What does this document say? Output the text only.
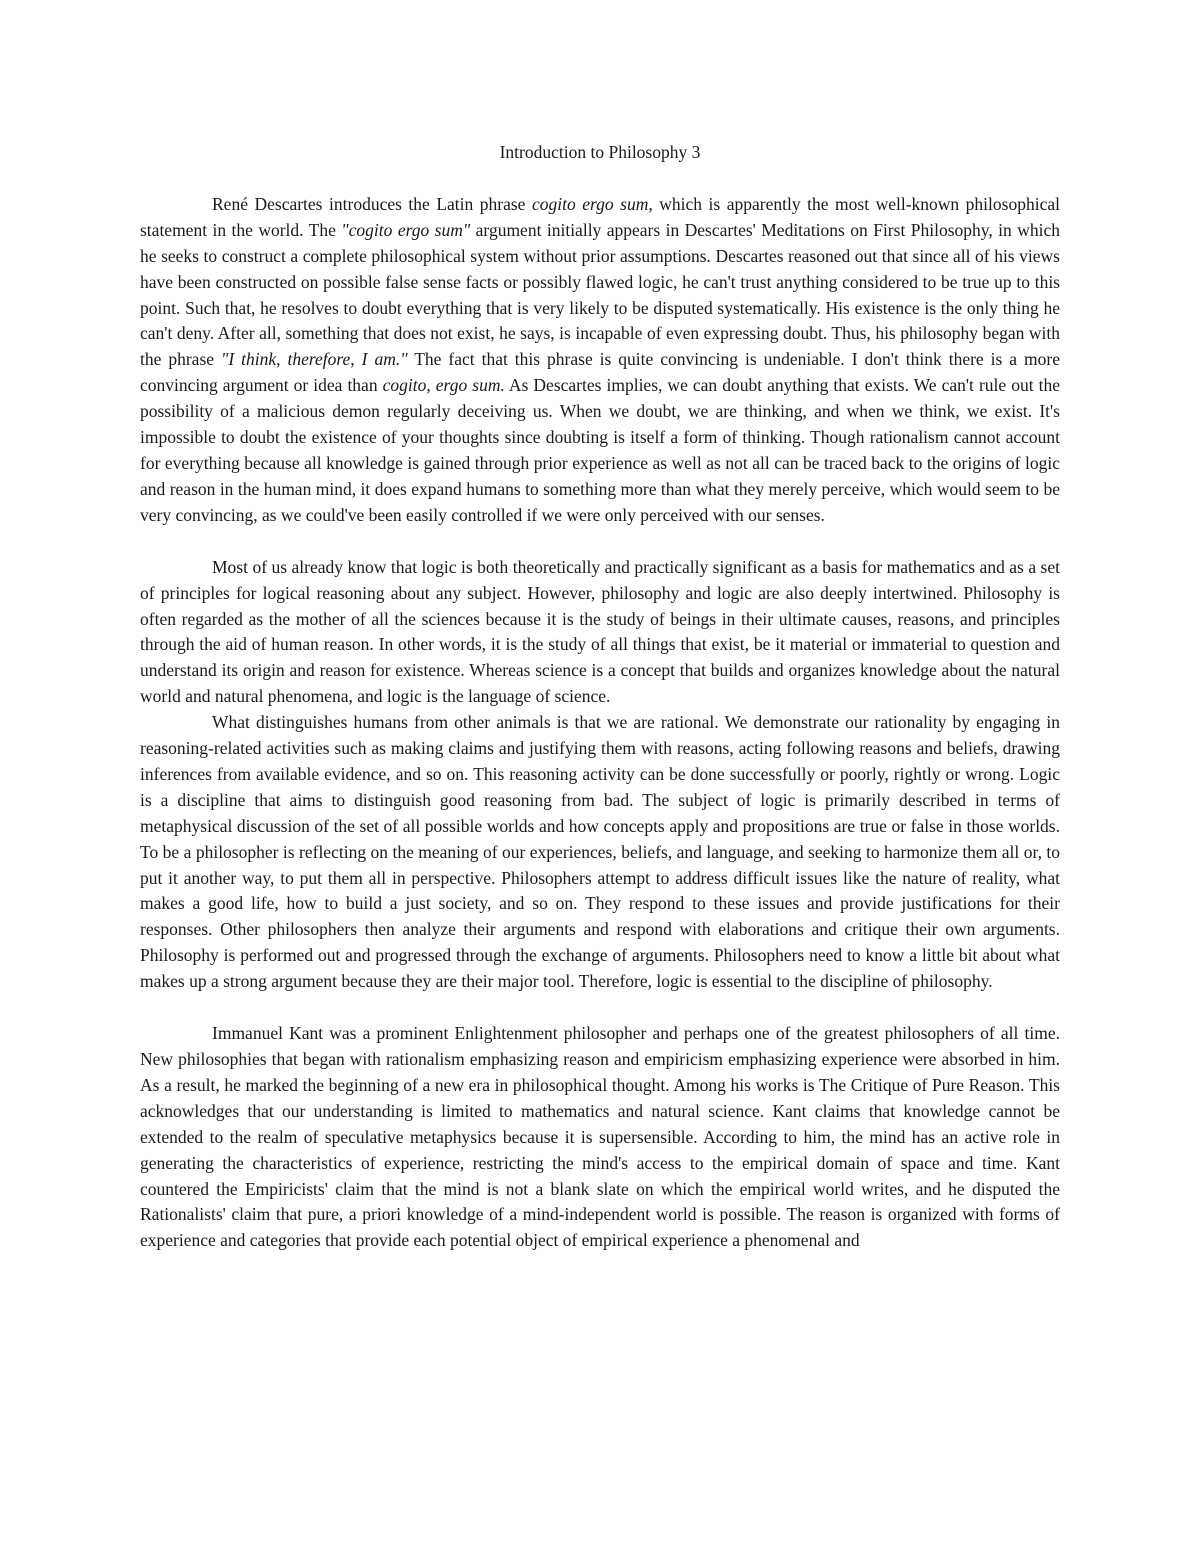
Introduction to Philosophy 3

René Descartes introduces the Latin phrase cogito ergo sum, which is apparently the most well-known philosophical statement in the world. The "cogito ergo sum" argument initially appears in Descartes' Meditations on First Philosophy, in which he seeks to construct a complete philosophical system without prior assumptions. Descartes reasoned out that since all of his views have been constructed on possible false sense facts or possibly flawed logic, he can't trust anything considered to be true up to this point. Such that, he resolves to doubt everything that is very likely to be disputed systematically. His existence is the only thing he can't deny. After all, something that does not exist, he says, is incapable of even expressing doubt. Thus, his philosophy began with the phrase "I think, therefore, I am." The fact that this phrase is quite convincing is undeniable. I don't think there is a more convincing argument or idea than cogito, ergo sum. As Descartes implies, we can doubt anything that exists. We can't rule out the possibility of a malicious demon regularly deceiving us. When we doubt, we are thinking, and when we think, we exist. It's impossible to doubt the existence of your thoughts since doubting is itself a form of thinking. Though rationalism cannot account for everything because all knowledge is gained through prior experience as well as not all can be traced back to the origins of logic and reason in the human mind, it does expand humans to something more than what they merely perceive, which would seem to be very convincing, as we could've been easily controlled if we were only perceived with our senses.

Most of us already know that logic is both theoretically and practically significant as a basis for mathematics and as a set of principles for logical reasoning about any subject. However, philosophy and logic are also deeply intertwined. Philosophy is often regarded as the mother of all the sciences because it is the study of beings in their ultimate causes, reasons, and principles through the aid of human reason. In other words, it is the study of all things that exist, be it material or immaterial to question and understand its origin and reason for existence. Whereas science is a concept that builds and organizes knowledge about the natural world and natural phenomena, and logic is the language of science.

What distinguishes humans from other animals is that we are rational. We demonstrate our rationality by engaging in reasoning-related activities such as making claims and justifying them with reasons, acting following reasons and beliefs, drawing inferences from available evidence, and so on. This reasoning activity can be done successfully or poorly, rightly or wrong. Logic is a discipline that aims to distinguish good reasoning from bad. The subject of logic is primarily described in terms of metaphysical discussion of the set of all possible worlds and how concepts apply and propositions are true or false in those worlds. To be a philosopher is reflecting on the meaning of our experiences, beliefs, and language, and seeking to harmonize them all or, to put it another way, to put them all in perspective. Philosophers attempt to address difficult issues like the nature of reality, what makes a good life, how to build a just society, and so on. They respond to these issues and provide justifications for their responses. Other philosophers then analyze their arguments and respond with elaborations and critique their own arguments. Philosophy is performed out and progressed through the exchange of arguments. Philosophers need to know a little bit about what makes up a strong argument because they are their major tool. Therefore, logic is essential to the discipline of philosophy.

Immanuel Kant was a prominent Enlightenment philosopher and perhaps one of the greatest philosophers of all time. New philosophies that began with rationalism emphasizing reason and empiricism emphasizing experience were absorbed in him. As a result, he marked the beginning of a new era in philosophical thought. Among his works is The Critique of Pure Reason. This acknowledges that our understanding is limited to mathematics and natural science. Kant claims that knowledge cannot be extended to the realm of speculative metaphysics because it is supersensible. According to him, the mind has an active role in generating the characteristics of experience, restricting the mind's access to the empirical domain of space and time. Kant countered the Empiricists' claim that the mind is not a blank slate on which the empirical world writes, and he disputed the Rationalists' claim that pure, a priori knowledge of a mind-independent world is possible. The reason is organized with forms of experience and categories that provide each potential object of empirical experience a phenomenal and
